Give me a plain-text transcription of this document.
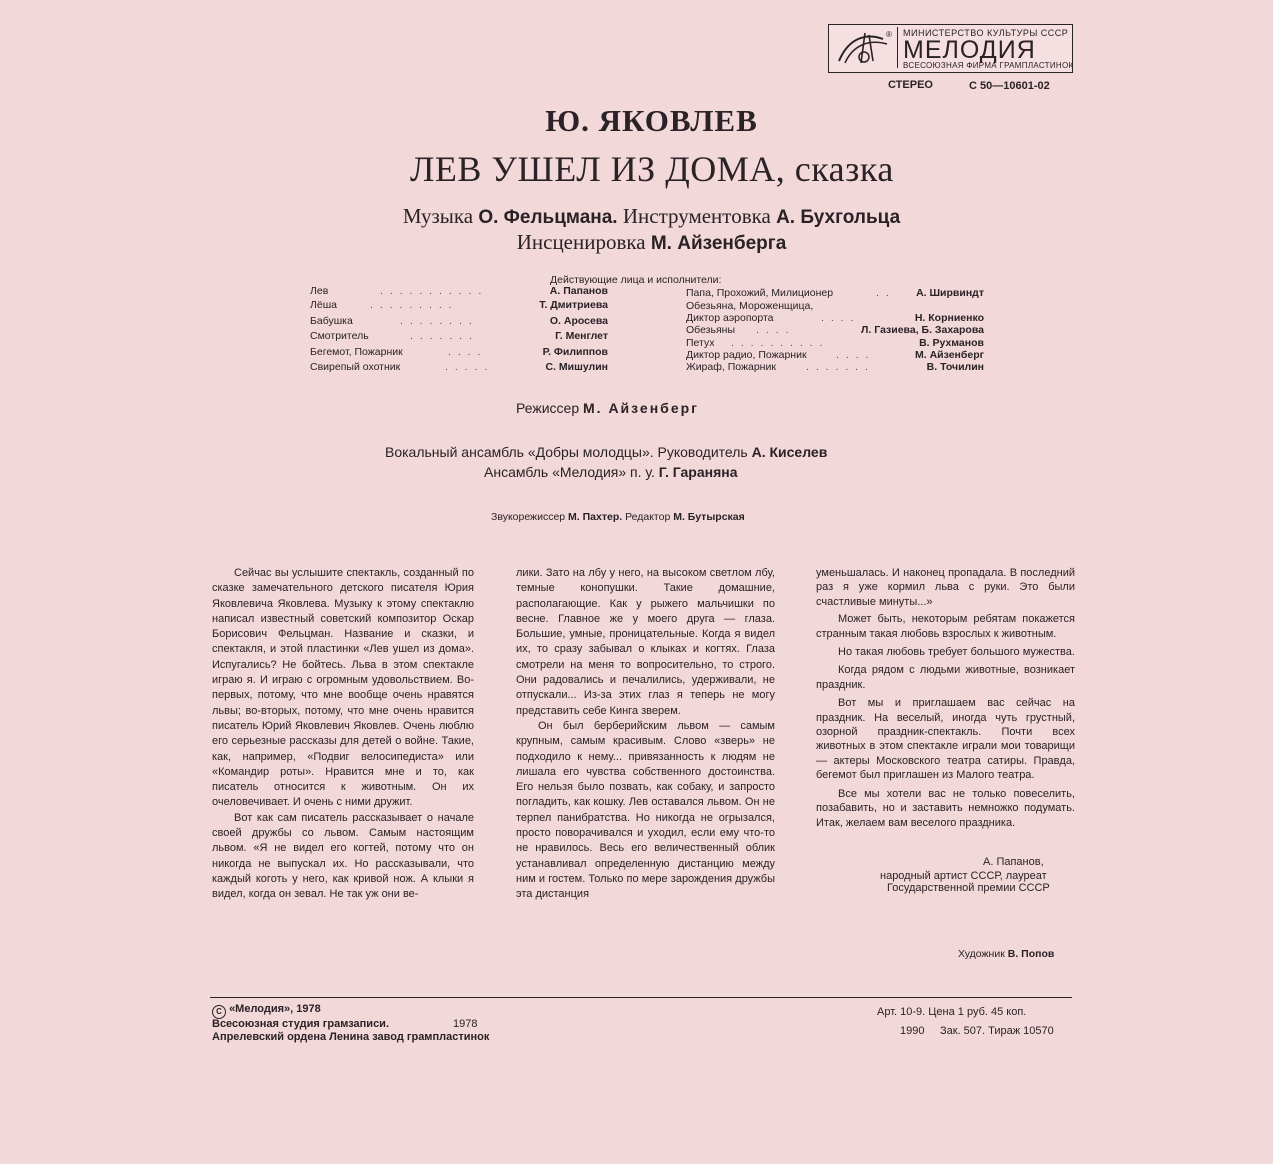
® МИНИСТЕРСТВО КУЛЬТУРЫ СССР
МЕЛОДИЯ
ВСЕСОЮЗНАЯ ФИРМА ГРАМПЛАСТИНОК
СТЕРЕО	С 50—10601-02
Ю. ЯКОВЛЕВ
ЛЕВ УШЕЛ ИЗ ДОМА, сказка
Музыка О. Фельцмана. Инструментовка А. Бухгольца
Инсценировка М. Айзенберга
Действующие лица и исполнители:
Лев	. . . . . . . . . . .	А. Папанов
Лёша	. . . . . . . . .	Т. Дмитриева
Бабушка	. . . . . . . .	О. Аросева
Смотритель	. . . . . . .	Г. Менглет
Бегемот, Пожарник	. . . .	Р. Филиппов
Свирепый охотник	. . . . .	С. Мишулин
Папа, Прохожий, Милиционер	. . А. Ширвиндт
Обезьяна, Мороженщица,
Диктор аэропорта	. . . .	Н. Корниенко
Обезьяны . . . .	Л. Газиева, Б. Захарова
Петух . . . . . . . . . .	В. Рухманов
Диктор радио, Пожарник	. . . .	М. Айзенберг
Жираф, Пожарник	. . . . . . .	В. Точилин
Режиссер М. Айзенберг
Вокальный ансамбль «Добры молодцы». Руководитель А. Киселев
Ансамбль «Мелодия» п. у. Г. Гараняна
Звукорежиссер М. Пахтер. Редактор М. Бутырская

Сейчас вы услышите спектакль, созданный по сказке замечательного детского писателя Юрия Яковлевича Яковлева. Музыку к этому спектаклю написал известный советский композитор Оскар Борисович Фельцман. Название и сказки, и спектакля, и этой пластинки «Лев ушел из дома». Испугались? Не бойтесь. Льва в этом спектакле играю я. И играю с огромным удовольствием. Во-первых, потому, что мне вообще очень нравятся львы; во-вторых, потому, что мне очень нравится писатель Юрий Яковлевич Яковлев. Очень люблю его серьезные рассказы для детей о войне. Такие, как, например, «Подвиг велосипедиста» или «Командир роты». Нравится мне и то, как писатель относится к животным. Он их очеловечивает. И очень с ними дружит.

Вот как сам писатель рассказывает о начале своей дружбы со львом. Самым настоящим львом. «Я не видел его когтей, потому что он никогда не выпускал их. Но рассказывали, что каждый коготь у него, как кривой нож. А клыки я видел, когда он зевал. Не так уж они ве-

лики. Зато на лбу у него, на высоком светлом лбу, темные конопушки. Такие домашние, располагающие. Как у рыжего мальчишки по весне. Главное же у моего друга — глаза. Большие, умные, проницательные. Когда я видел их, то сразу забывал о клыках и когтях. Глаза смотрели на меня то вопросительно, то строго. Они радовались и печалились, удерживали, не отпускали... Из-за этих глаз я теперь не могу представить себе Кинга зверем.

Он был берберийским львом — самым крупным, самым красивым. Слово «зверь» не подходило к нему... привязанность к людям не лишала его чувства собственного достоинства. Его нельзя было позвать, как собаку, и запросто погладить, как кошку. Лев оставался львом. Он не терпел панибратства. Но никогда не огрызался, просто поворачивался и уходил, если ему что-то не нравилось. Весь его величественный облик устанавливал определенную дистанцию между ним и гостем. Только по мере зарождения дружбы эта дистанция

уменьшалась. И наконец пропадала. В последний раз я уже кормил льва с руки. Это были счастливые минуты...»

Может быть, некоторым ребятам покажется странным такая любовь взрослых к животным.

Но такая любовь требует большого мужества.

Когда рядом с людьми животные, возникает праздник.

Вот мы и приглашаем вас сейчас на праздник. На веселый, иногда чуть грустный, озорной праздник-спектакль. Почти всех животных в этом спектакле играли мои товарищи — актеры Московского театра сатиры. Правда, бегемот был приглашен из Малого театра.

Все мы хотели вас не только повеселить, позабавить, но и заставить немножко подумать. Итак, желаем вам веселого праздника.

А. Папанов,
народный артист СССР, лауреат
Государственной премии СССР
Художник В. Попов
C «Мелодия», 1978
Всесоюзная студия грамзаписи.	1978
Апрелевский ордена Ленина завод грампластинок
Арт. 10-9. Цена 1 руб. 45 коп.
1990 Зак. 507. Тираж 10570
